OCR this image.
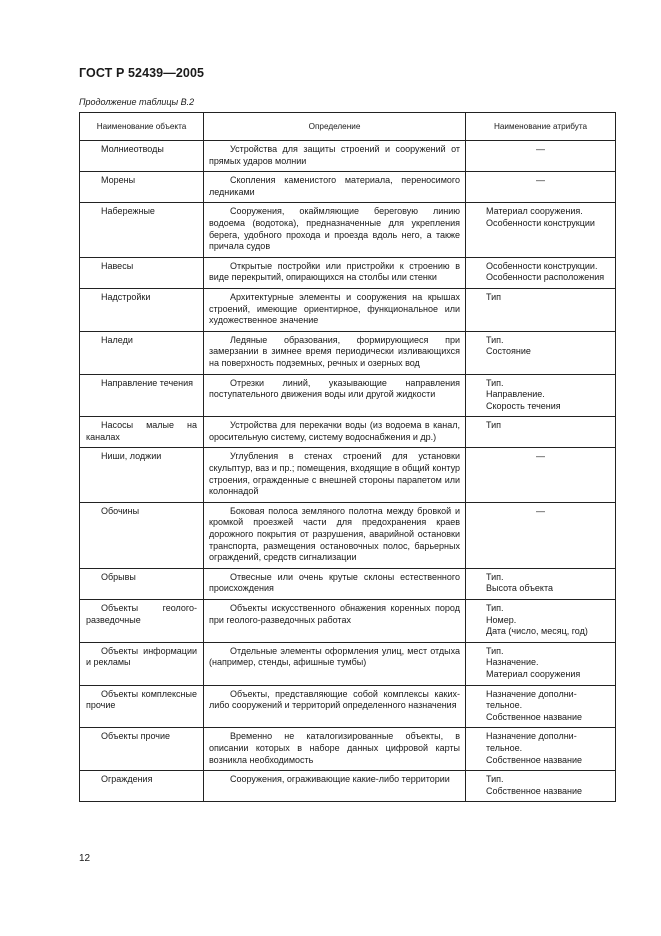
ГОСТ Р 52439—2005
Продолжение таблицы В.2
Наименование объекта	Определение	Наименование атрибута

Молниеотводы	Устройства для защиты строений и сооружений от прямых ударов молнии	—

Морены	Скопления каменистого материала, переносимого ледниками	—

Набережные	Сооружения, окаймляющие береговую линию водоема (водотока), предназначенные для укрепления берега, удобного прохода и проезда вдоль него, а также причала судов	Материал сооружения.
Особенности конструкции

Навесы	Открытые постройки или пристройки к строению в виде перекрытий, опирающихся на столбы или стенки	Особенности конструкции.
Особенности расположения

Надстройки	Архитектурные элементы и сооружения на крышах строений, имеющие ориентирное, функциональное или художественное значение	Тип

Наледи	Ледяные образования, формирующиеся при замерзании в зимнее время периодически изливающихся на поверхность подземных, речных и озерных вод	Тип.
Состояние

Направление течения	Отрезки линий, указывающие направления поступательного движения воды или другой жидкости	Тип.
Направление.
Скорость течения

Насосы малые на каналах	Устройства для перекачки воды (из водоема в канал, оросительную систему, систему водоснабжения и др.)	Тип

Ниши, лоджии	Углубления в стенах строений для установки скульптур, ваз и пр.; помещения, входящие в общий контур строения, огражденные с внешней стороны парапетом или колоннадой	—

Обочины	Боковая полоса земляного полотна между бровкой и кромкой проезжей части для предохранения краев дорожного покрытия от разрушения, аварийной остановки транспорта, размещения остановочных полос, барьерных ограждений, средств сигнализации	—

Обрывы	Отвесные или очень крутые склоны естественного происхождения	Тип.
Высота объекта

Объекты геолого-разведочные	Объекты искусственного обнажения коренных пород при геолого-разведочных работах	Тип.
Номер.
Дата (число, месяц, год)

Объекты информации и рекламы	Отдельные элементы оформления улиц, мест отдыха (например, стенды, афишные тумбы)	Тип.
Назначение.
Материал сооружения

Объекты комплексные прочие	Объекты, представляющие собой комплексы каких-либо сооружений и территорий определенного назначения	Назначение дополни-
тельное.
Собственное название

Объекты прочие	Временно не каталогизированные объекты, в описании которых в наборе данных цифровой карты возникла необходимость	Назначение дополни-
тельное.
Собственное название

Ограждения	Сооружения, ограживающие какие-либо территории	Тип.
Собственное название
12
